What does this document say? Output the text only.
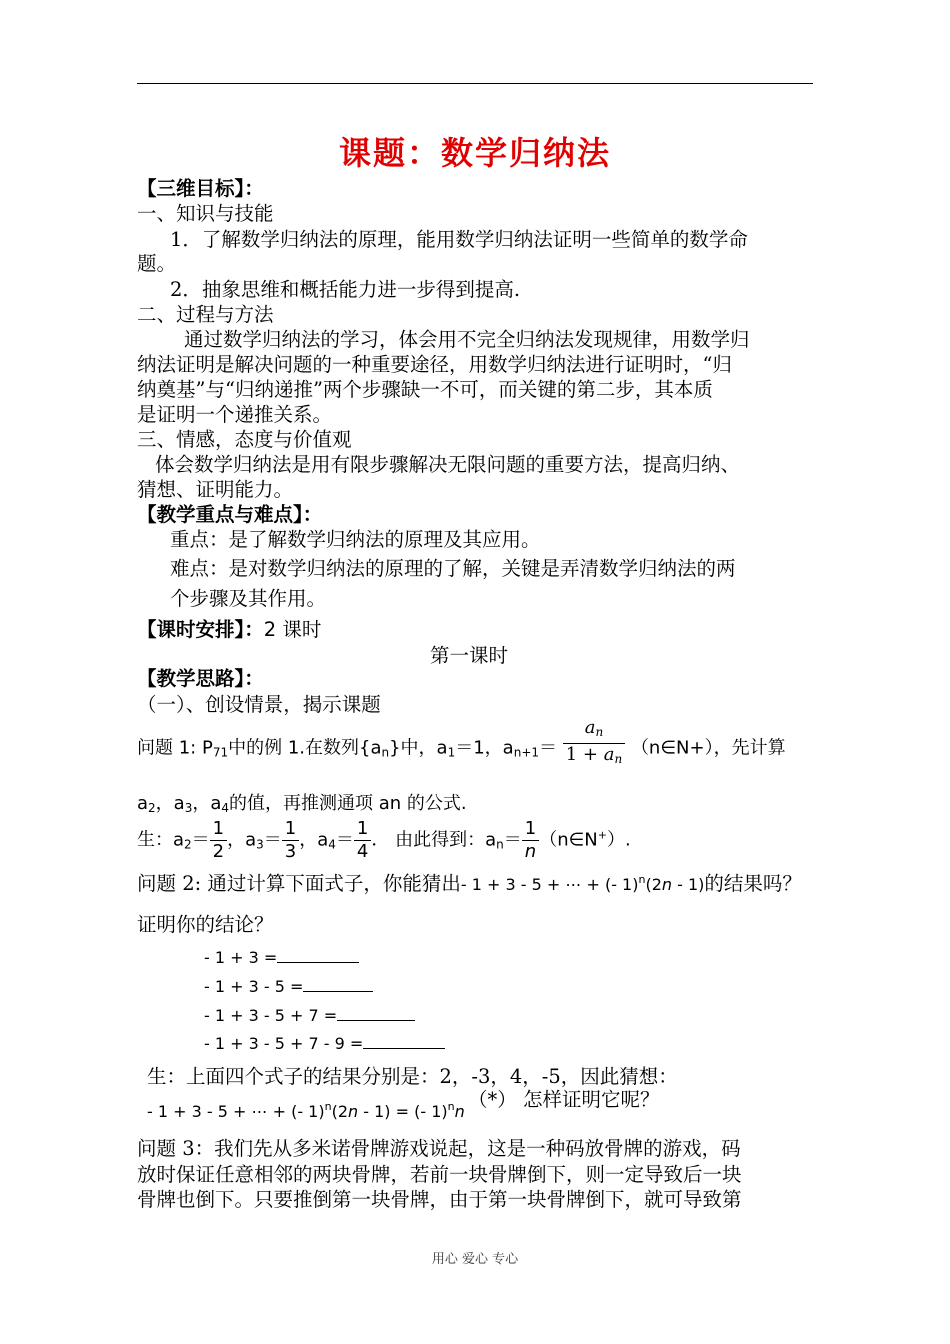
课题：数学归纳法
【三维目标】：
一、知识与技能
1．了解数学归纳法的原理，能用数学归纳法证明一些简单的数学命
题。
2．抽象思维和概括能力进一步得到提高.
二、过程与方法
通过数学归纳法的学习，体会用不完全归纳法发现规律，用数学归
纳法证明是解决问题的一种重要途径，用数学归纳法进行证明时，“归
纳奠基”与“归纳递推”两个步骤缺一不可，而关键的第二步，其本质
是证明一个递推关系。
三、情感，态度与价值观
体会数学归纳法是用有限步骤解决无限问题的重要方法，提高归纳、
猜想、证明能力。
【教学重点与难点】：
重点：是了解数学归纳法的原理及其应用。
难点：是对数学归纳法的原理的了解，关键是弄清数学归纳法的两
个步骤及其作用。
【课时安排】：2 课时
第一课时
【教学思路】：
（一）、创设情景，揭示课题
问题 1: $P_{71}$中的例 1.在数列$\{a_n\}$中，$a_1=1$，$a_{n+1}= \frac{a_n}{1 + a_n}$ （n∈N+），先计算
$a_2$，$a_3$，$a_4$的值，再推测通项 an 的公式.
生：$a_2= \frac{1}{2}$ ，$a_3= \frac{1}{3}$ ，$a_4= \frac{1}{4}$ ． 由此得到：$a_n= \frac{1}{n}$ （n∈N+）.
问题 2: 通过计算下面式子，你能猜出- 1 + 3 - 5 + ⋯ + (- 1)$^n$(2n - 1)的结果吗？
证明你的结论？
- 1 + 3 =
- 1 + 3 - 5 =
- 1 + 3 - 5 + 7 =
- 1 + 3 - 5 + 7 - 9 =
生：上面四个式子的结果分别是：2，-3，4，-5，因此猜想：
- 1 + 3 - 5 + ⋯ + (- 1)$^n$(2n - 1) = (- 1)$^n$n
（*） 怎样证明它呢？
问题 3：我们先从多米诺骨牌游戏说起，这是一种码放骨牌的游戏，码
放时保证任意相邻的两块骨牌，若前一块骨牌倒下，则一定导致后一块
骨牌也倒下。只要推倒第一块骨牌，由于第一块骨牌倒下，就可导致第
用心 爱心 专心
